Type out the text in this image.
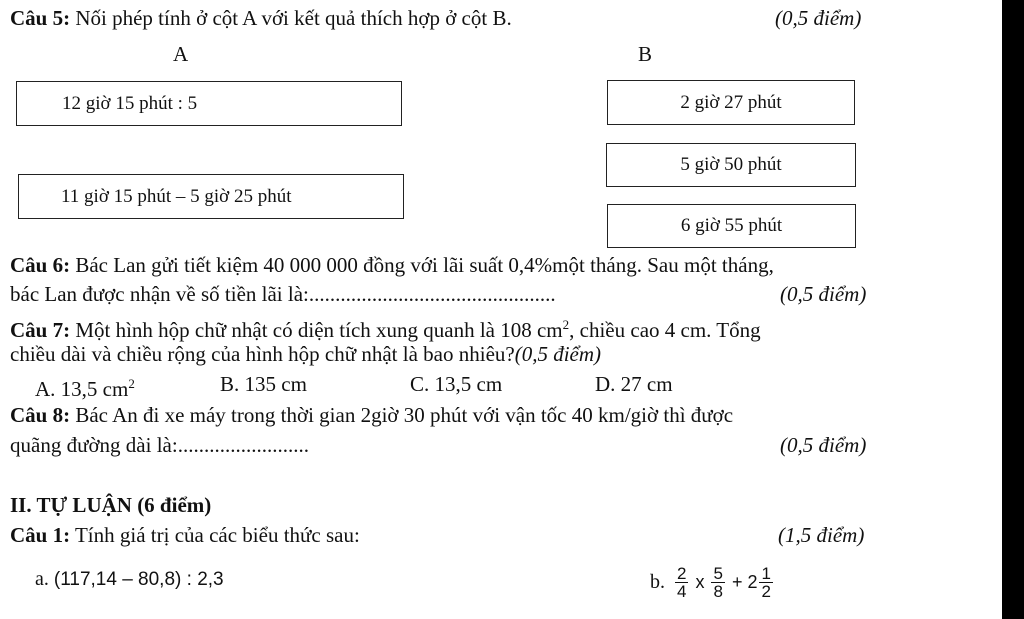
Câu 5: Nối phép tính ở cột A với kết quả thích hợp ở cột B.	(0,5 điểm)
A	B
12 giờ 15 phút : 5
11 giờ 15 phút – 5 giờ 25 phút
2 giờ 27 phút
5 giờ 50 phút
6 giờ 55 phút
Câu 6: Bác Lan gửi tiết kiệm 40 000 000 đồng với lãi suất 0,4%một tháng. Sau một tháng,
bác Lan được nhận về số tiền lãi là:...............................................	(0,5 điểm)
Câu 7: Một hình hộp chữ nhật có diện tích xung quanh là 108 $cm^2$, chiều cao 4 cm. Tổng
chiều dài và chiều rộng của hình hộp chữ nhật là bao nhiêu?(0,5 điểm)
A. 13,5 $cm^2$	B. 135 cm	C. 13,5 cm	D. 27 cm
Câu 8: Bác An đi xe máy trong thời gian 2giờ 30 phút với vận tốc 40 km/giờ thì được
quãng đường dài là:.........................	(0,5 điểm)
II. TỰ LUẬN (6 điểm)
Câu 1: Tính giá trị của các biểu thức sau:	(1,5 điểm)
a. (117,14 – 80,8) : 2,3	b. $\frac{2}{4}$ x $\frac{5}{8} + 2 \frac{1}{2}$
